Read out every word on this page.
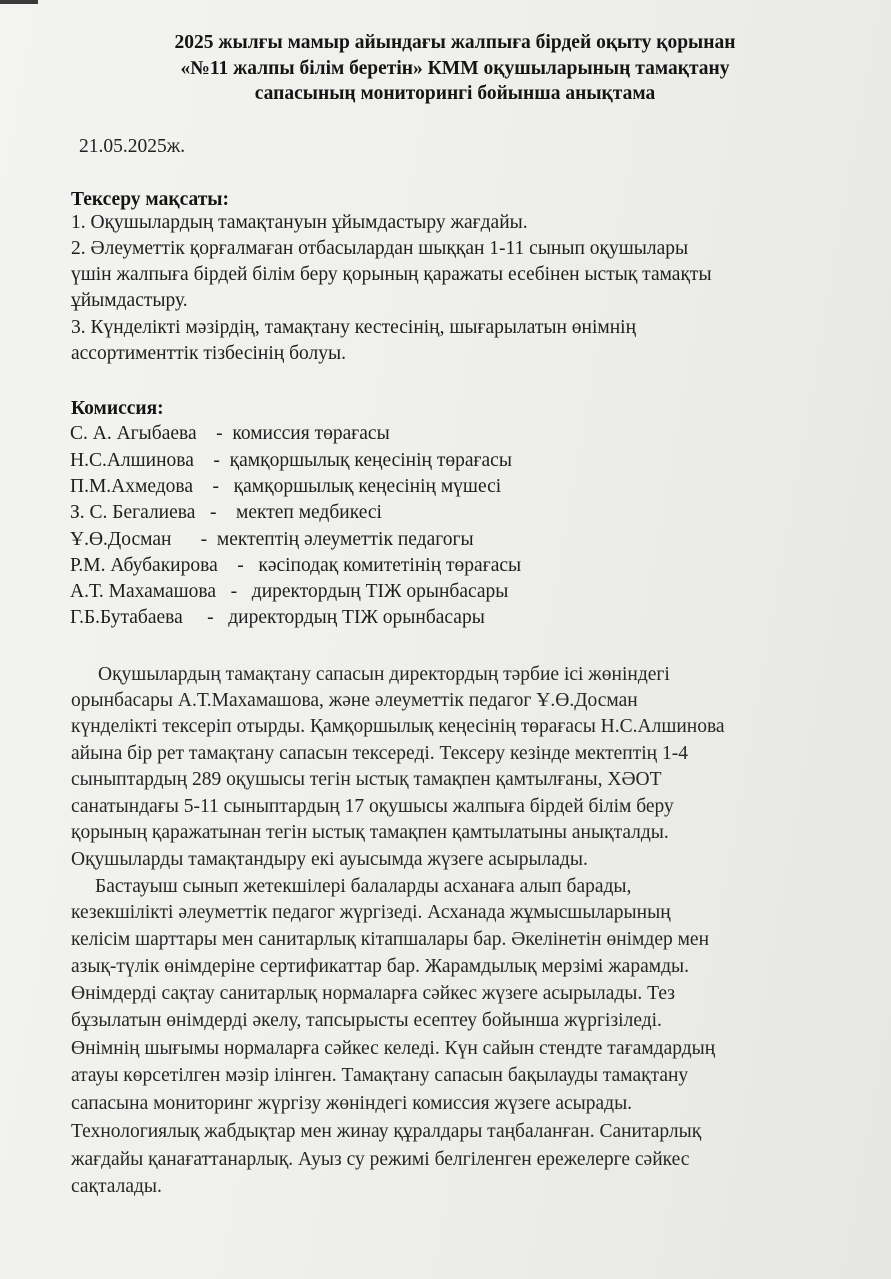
2025 жылғы мамыр айындағы жалпыға бірдей оқыту қорынан
«№11 жалпы білім беретін» КММ оқушыларының тамақтану
сапасының мониторингі бойынша анықтама
21.05.2025ж.
Тексеру мақсаты:
1. Оқушылардың тамақтануын ұйымдастыру жағдайы.
2. Әлеуметтік қорғалмаған отбасылардан шыққан 1-11 сынып оқушылары
үшін жалпыға бірдей білім беру қорының қаражаты есебінен ыстық тамақты
ұйымдастыру.
3. Күнделікті мәзірдің, тамақтану кестесінің, шығарылатын өнімнің
ассортименттік тізбесінің болуы.
Комиссия:
С. А. Агыбаева    -  комиссия төрағасы
Н.С.Алшинова    -  қамқоршылық кеңесінің төрағасы
П.М.Ахмедова    -   қамқоршылық кеңесінің мүшесі
З. С. Бегалиева   -    мектеп медбикесі
Ұ.Ө.Досман      -  мектептің әлеуметтік педагогы
Р.М. Абубакирова    -   кәсіподақ комитетінің төрағасы
А.Т. Махамашова   -   директордың ТІЖ орынбасары
Г.Б.Бутабаева     -   директордың ТІЖ орынбасары
Оқушылардың тамақтану сапасын директордың тәрбие ісі жөніндегі
орынбасары А.Т.Махамашова, және әлеуметтік педагог Ұ.Ө.Досман
күнделікті тексеріп отырды. Қамқоршылық кеңесінің төрағасы Н.С.Алшинова
айына бір рет тамақтану сапасын тексереді. Тексеру кезінде мектептің 1-4
сыныптардың 289 оқушысы тегін ыстық тамақпен қамтылғаны, ХӘОТ
санатындағы 5-11 сыныптардың 17 оқушысы жалпыға бірдей білім беру
қорының қаражатынан тегін ыстық тамақпен қамтылатыны анықталды.
Оқушыларды тамақтандыру екі ауысымда жүзеге асырылады.
Бастауыш сынып жетекшілері балаларды асханаға алып барады,
кезекшілікті әлеуметтік педагог жүргізеді. Асханада жұмысшыларының
келісім шарттары мен санитарлық кітапшалары бар. Әкелінетін өнімдер мен
азық-түлік өнімдеріне сертификаттар бар. Жарамдылық мерзімі жарамды.
Өнімдерді сақтау санитарлық нормаларға сәйкес жүзеге асырылады. Тез
бұзылатын өнімдерді әкелу, тапсырысты есептеу бойынша жүргізіледі.
Өнімнің шығымы нормаларға сәйкес келеді. Күн сайын стендте тағамдардың
атауы көрсетілген мәзір ілінген. Тамақтану сапасын бақылауды тамақтану
сапасына мониторинг жүргізу жөніндегі комиссия жүзеге асырады.
Технологиялық жабдықтар мен жинау құралдары таңбаланған. Санитарлық
жағдайы қанағаттанарлық. Ауыз су режимі белгіленген ережелерге сәйкес
сақталады.
